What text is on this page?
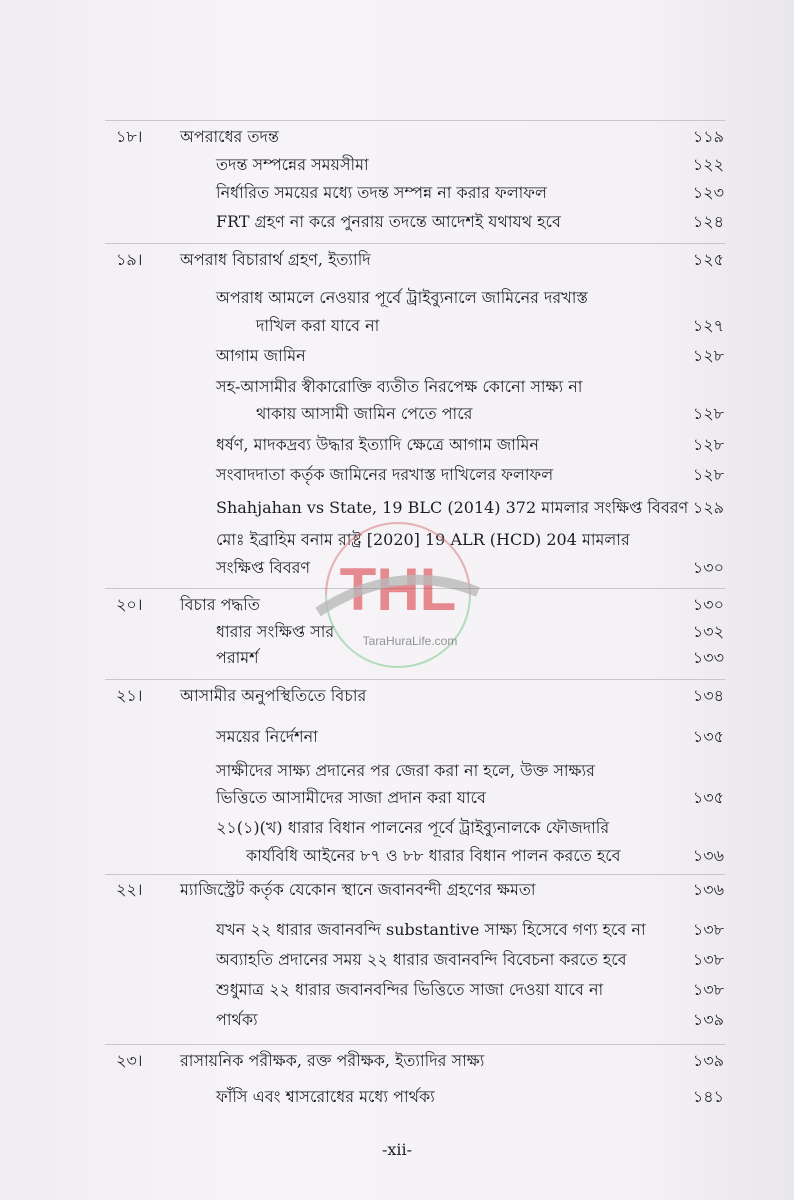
১৮। অপরাধের তদন্ত	১১৯
তদন্ত সম্পন্নের সময়সীমা	১২২
নির্ধারিত সময়ের মধ্যে তদন্ত সম্পন্ন না করার ফলাফল	১২৩
FRT গ্রহণ না করে পুনরায় তদন্তে আদেশই যথাযথ হবে	১২৪
১৯। অপরাধ বিচারার্থ গ্রহণ, ইত্যাদি	১২৫
অপরাধ আমলে নেওয়ার পূর্বে ট্রাইব্যুনালে জামিনের দরখাস্ত
দাখিল করা যাবে না	১২৭
আগাম জামিন	১২৮
সহ-আসামীর স্বীকারোক্তি ব্যতীত নিরপেক্ষ কোনো সাক্ষ্য না
থাকায় আসামী জামিন পেতে পারে	১২৮
ধর্ষণ, মাদকদ্রব্য উদ্ধার ইত্যাদি ক্ষেত্রে আগাম জামিন	১২৮
সংবাদদাতা কর্তৃক জামিনের দরখাস্ত দাখিলের ফলাফল	১২৮
Shahjahan vs State, 19 BLC (2014) 372 মামলার সংক্ষিপ্ত বিবরণ ১২৯
মোঃ ইব্রাহিম বনাম রাষ্ট্র [2020] 19 ALR (HCD) 204 মামলার
সংক্ষিপ্ত বিবরণ	১৩০
২০। বিচার পদ্ধতি	১৩০
ধারার সংক্ষিপ্ত সার	১৩২
পরামর্শ	১৩৩
২১। আসামীর অনুপস্থিতিতে বিচার	১৩৪
সময়ের নির্দেশনা	১৩৫
সাক্ষীদের সাক্ষ্য প্রদানের পর জেরা করা না হলে, উক্ত সাক্ষ্যর
ভিত্তিতে আসামীদের সাজা প্রদান করা যাবে	১৩৫
২১(১)(খ) ধারার বিধান পালনের পূর্বে ট্রাইব্যুনালকে ফৌজদারি
কার্যবিধি আইনের ৮৭ ও ৮৮ ধারার বিধান পালন করতে হবে	১৩৬
২২। ম্যাজিস্ট্রেট কর্তৃক যেকোন স্থানে জবানবন্দী গ্রহণের ক্ষমতা	১৩৬
যখন ২২ ধারার জবানবন্দি substantive সাক্ষ্য হিসেবে গণ্য হবে না	১৩৮
অব্যাহতি প্রদানের সময় ২২ ধারার জবানবন্দি বিবেচনা করতে হবে	১৩৮
শুধুমাত্র ২২ ধারার জবানবন্দির ভিত্তিতে সাজা দেওয়া যাবে না	১৩৮
পার্থক্য	১৩৯
২৩। রাসায়নিক পরীক্ষক, রক্ত পরীক্ষক, ইত্যাদির সাক্ষ্য	১৩৯
ফাঁসি এবং শ্বাসরোধের মধ্যে পার্থক্য	১৪১
THL
TaraHuraLife.com
-xii-
